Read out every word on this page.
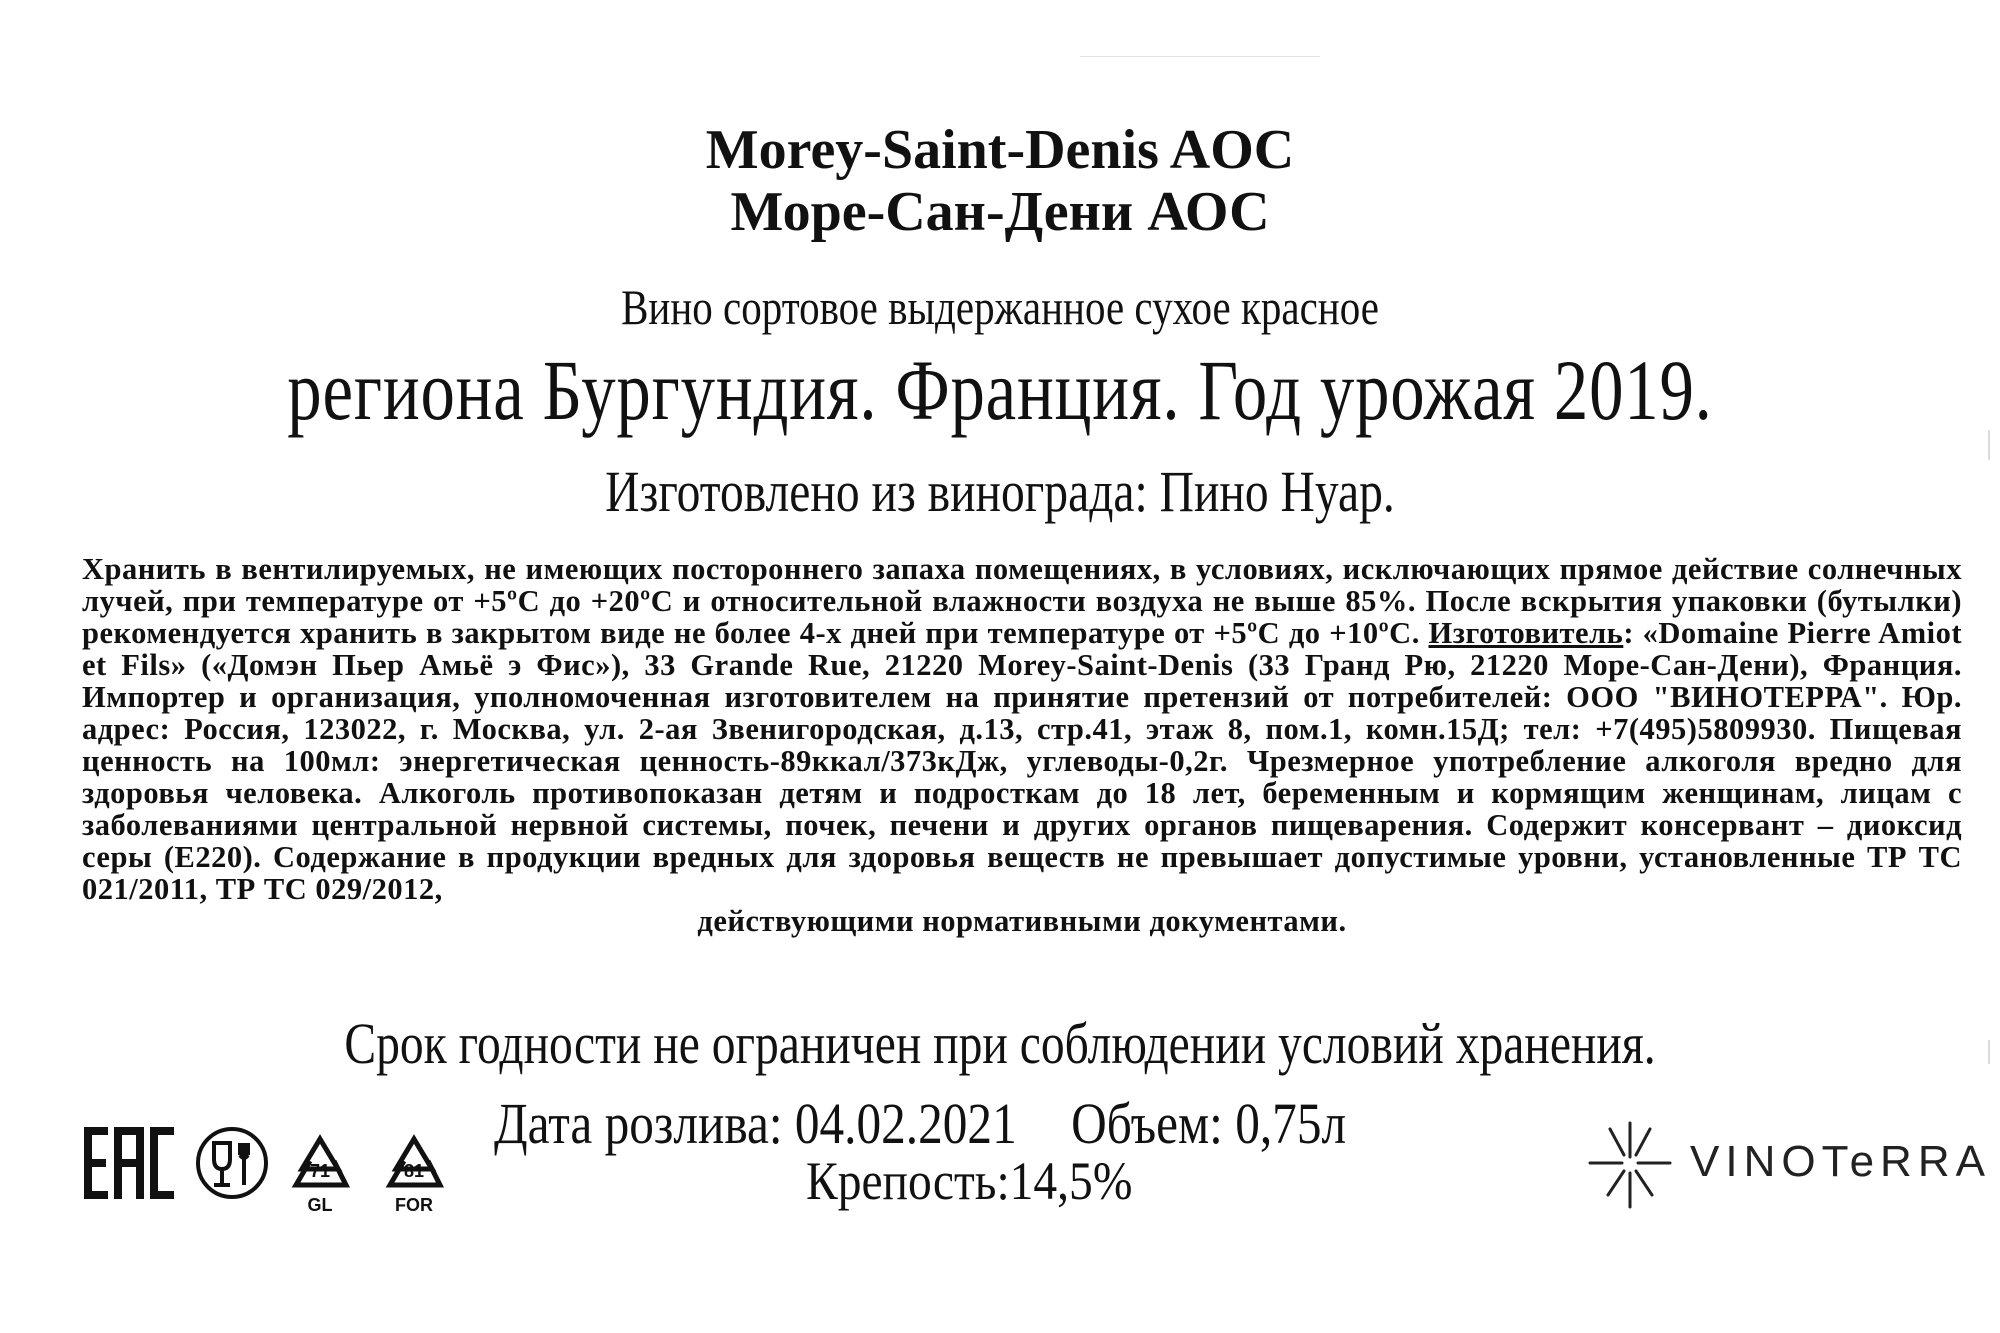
Morey-Saint-Denis AOC
Море-Сан-Дени АОС
Вино сортовое выдержанное сухое красное
региона Бургундия. Франция. Год урожая 2019.
Изготовлено из винограда: Пино Нуар.
Хранить в вентилируемых, не имеющих постороннего запаха помещениях, в условиях, исключающих прямое действие солнечных лучей, при температуре от +5ºС до +20ºС и относительной влажности воздуха не выше 85%. После вскрытия упаковки (бутылки) рекомендуется хранить в закрытом виде не более 4-х дней при температуре от +5ºС до +10ºС. Изготовитель: «Domaine Pierre Amiot et Fils» («Домэн Пьер Амьё э Фис»), 33 Grande Rue, 21220 Morey-Saint-Denis (33 Гранд Рю, 21220 Море-Сан-Дени), Франция. Импортер и организация, уполномоченная изготовителем на принятие претензий от потребителей: ООО "ВИНОТЕРРА". Юр. адрес: Россия, 123022, г. Москва, ул. 2-ая Звенигородская, д.13, стр.41, этаж 8, пом.1, комн.15Д; тел: +7(495)5809930. Пищевая ценность на 100мл: энергетическая ценность-89ккал/373кДж, углеводы-0,2г. Чрезмерное употребление алкоголя вредно для здоровья человека. Алкоголь противопоказан детям и подросткам до 18 лет, беременным и кормящим женщинам, лицам с заболеваниями центральной нервной системы, почек, печени и других органов пищеварения. Содержит консервант – диоксид серы (Е220). Содержание в продукции вредных для здоровья веществ не превышает допустимые уровни, установленные ТР ТС 021/2011, ТР ТС 029/2012,
действующими нормативными документами.
Срок годности не ограничен при соблюдении условий хранения.
Дата розлива: 04.02.2021 Объем: 0,75л
Крепость:14,5%
71
GL
81
FOR
VINOTeRRA
